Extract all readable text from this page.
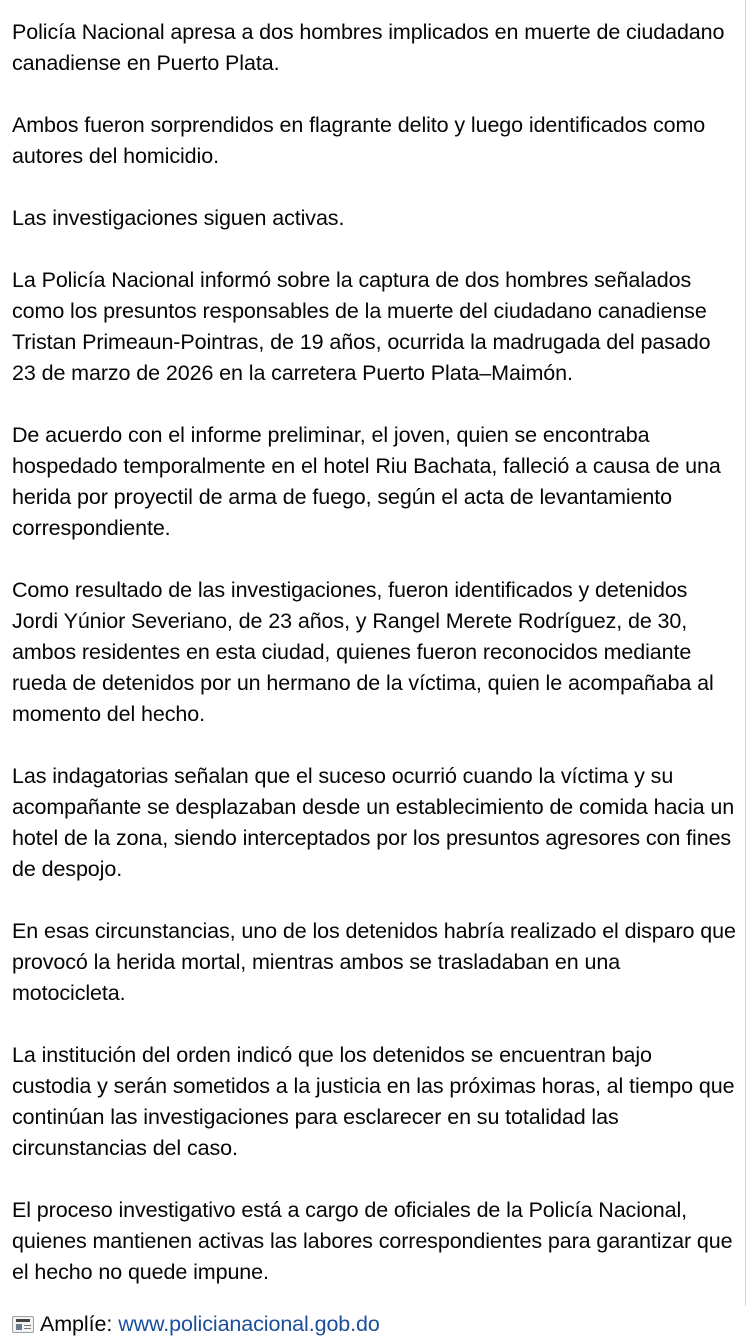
Policía Nacional apresa a dos hombres implicados en muerte de ciudadano canadiense en Puerto Plata.

Ambos fueron sorprendidos en flagrante delito y luego identificados como autores del homicidio.

Las investigaciones siguen activas.

La Policía Nacional informó sobre la captura de dos hombres señalados como los presuntos responsables de la muerte del ciudadano canadiense Tristan Primeaun-Pointras, de 19 años, ocurrida la madrugada del pasado 23 de marzo de 2026 en la carretera Puerto Plata–Maimón.

De acuerdo con el informe preliminar, el joven, quien se encontraba hospedado temporalmente en el hotel Riu Bachata, falleció a causa de una herida por proyectil de arma de fuego, según el acta de levantamiento correspondiente.

Como resultado de las investigaciones, fueron identificados y detenidos Jordi Yúnior Severiano, de 23 años, y Rangel Merete Rodríguez, de 30, ambos residentes en esta ciudad, quienes fueron reconocidos mediante rueda de detenidos por un hermano de la víctima, quien le acompañaba al momento del hecho.

Las indagatorias señalan que el suceso ocurrió cuando la víctima y su acompañante se desplazaban desde un establecimiento de comida hacia un hotel de la zona, siendo interceptados por los presuntos agresores con fines de despojo.

En esas circunstancias, uno de los detenidos habría realizado el disparo que provocó la herida mortal, mientras ambos se trasladaban en una motocicleta.

La institución del orden indicó que los detenidos se encuentran bajo custodia y serán sometidos a la justicia en las próximas horas, al tiempo que continúan las investigaciones para esclarecer en su totalidad las circunstancias del caso.

El proceso investigativo está a cargo de oficiales de la Policía Nacional, quienes mantienen activas las labores correspondientes para garantizar que el hecho no quede impune.

Amplíe: www.policianacional.gob.do
